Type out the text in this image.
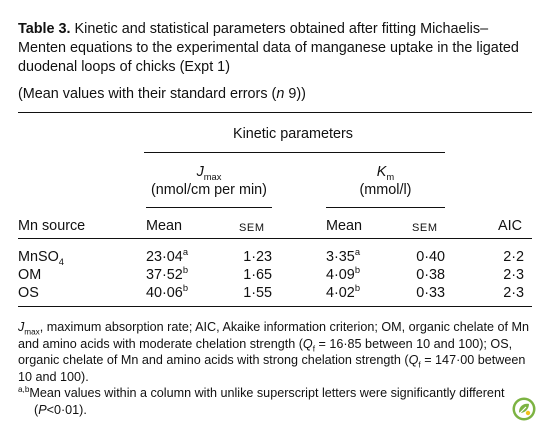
Table 3. Kinetic and statistical parameters obtained after fitting Michaelis–Menten equations to the experimental data of manganese uptake in the ligated duodenal loops of chicks (Expt 1)
(Mean values with their standard errors (n 9))
Kinetic parameters
$J_{max}$
(nmol/cm per min)
$K_m$
(mmol/l)
Mn source	Mean	SEM	Mean	SEM	AIC
MnSO$_4$	$23\cdot 04^a$	1·23	$3\cdot 35^a$	0·40	2·2
OM	$37\cdot 52^b$	1·65	$4\cdot 09^b$	0·38	2·3
OS	$40\cdot 06^b$	1·55	$4\cdot 02^b$	0·33	2·3

$J_{max}$, maximum absorption rate; AIC, Akaike information criterion; OM, organic chelate of Mn and amino acids with moderate chelation strength ($Q_f = 16\cdot 85$ between 10 and 100); OS, organic chelate of Mn and amino acids with strong chelation strength ($Q_f = 147\cdot 00$ between 10 and 100).

$^{a,b}$Mean values within a column with unlike superscript letters were significantly different (P<0·01).
